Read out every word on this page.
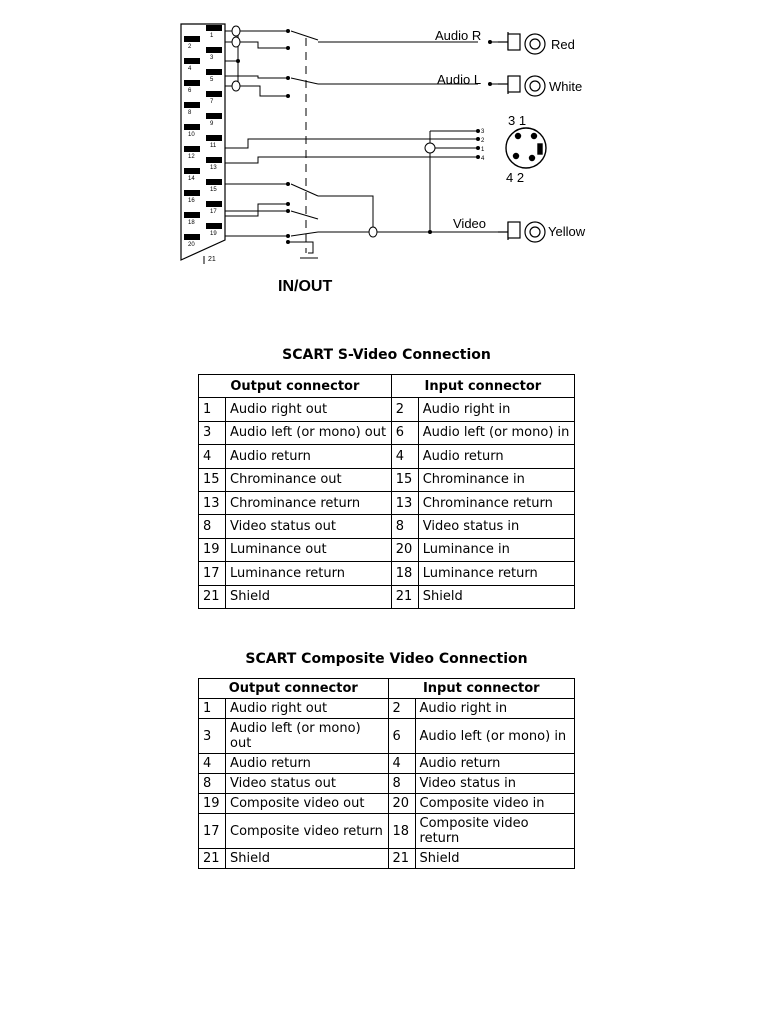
1
2
3
4
5
6
7
8
9
10
11
12
13
14
15
16
17
18
19
20
21
Audio R
Audio L
Video
Red
White
Yellow
3 1
4 2
3
2
1
4
IN/OUT
SCART S-Video Connection
Output connector		Input connector	
1	Audio right out	2	Audio right in
3	Audio left (or mono) out	6	Audio left (or mono) in
4	Audio return	4	Audio return
15	Chrominance out	15	Chrominance in
13	Chrominance return	13	Chrominance return
8	Video status out	8	Video status in
19	Luminance out	20	Luminance in
17	Luminance return	18	Luminance return
21	Shield	21	Shield
SCART Composite Video Connection
Output connector		Input connector	
1	Audio right out	2	Audio right in
3	Audio left (or mono) out	6	Audio left (or mono) in
4	Audio return	4	Audio return
8	Video status out	8	Video status in
19	Composite video out	20	Composite video in
17	Composite video return	18	Composite video return
21	Shield	21	Shield
